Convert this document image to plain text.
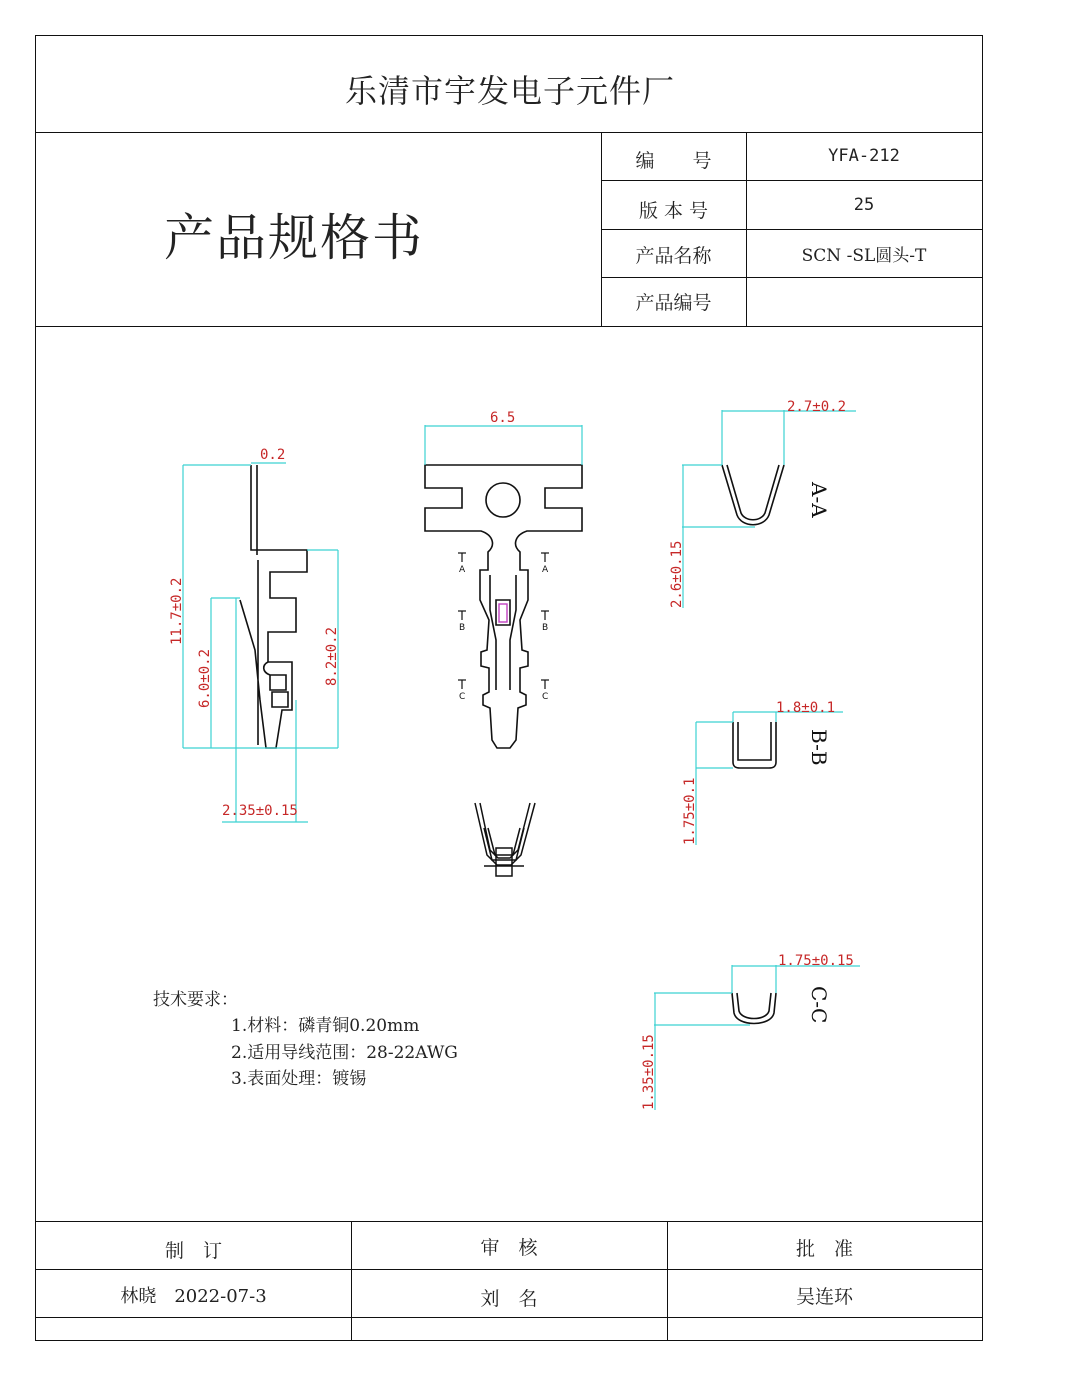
乐清市宇发电子元件厂
产品规格书
编　　号	YFA-212
版 本 号	25
产品名称	SCN -SL圆头-T
产品编号
技术要求：
1.材料：磷青铜0.20mm
2.适用导线范围：28-22AWG
3.表面处理：镀锡
制　订	审　核	批　准
林晓　2022-07-3	刘　名	吴连环
0.2
11.7±0.2
8.2±0.2
6.0±0.2
2.35±0.15
6.5
A	A
B	B
C	C
2.7±0.2
2.6±0.15
A-A
1.8±0.1
1.75±0.1
B-B
1.75±0.15
1.35±0.15
C-C
